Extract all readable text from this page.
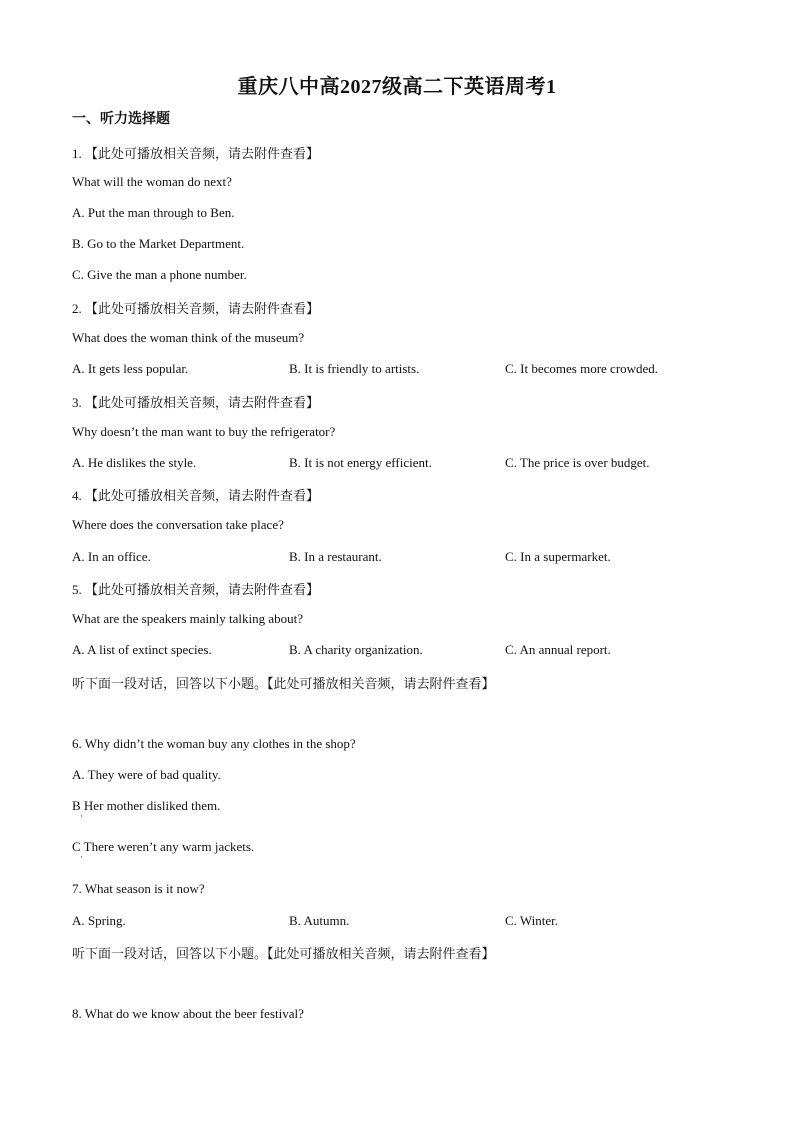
重庆八中高2027级高二下英语周考1
一、听力选择题
1. 【此处可播放相关音频，请去附件查看】
What will the woman do next?
A. Put the man through to Ben.
B. Go to the Market Department.
C. Give the man a phone number.
2. 【此处可播放相关音频，请去附件查看】
What does the woman think of the museum?
A. It gets less popular.	B. It is friendly to artists.	C. It becomes more crowded.
3. 【此处可播放相关音频，请去附件查看】
Why doesn’t the man want to buy the refrigerator?
A. He dislikes the style.	B. It is not energy efficient.	C. The price is over budget.
4. 【此处可播放相关音频，请去附件查看】
Where does the conversation take place?
A. In an office.	B. In a restaurant.	C. In a supermarket.
5. 【此处可播放相关音频，请去附件查看】
What are the speakers mainly talking about?
A. A list of extinct species.	B. A charity organization.	C. An annual report.
听下面一段对话，回答以下小题。【此处可播放相关音频，请去附件查看】
6. Why didn’t the woman buy any clothes in the shop?
A. They were of bad quality.
B Her mother disliked them.
·
C There weren’t any warm jackets.
·
7. What season is it now?
A. Spring.	B. Autumn.	C. Winter.
听下面一段对话，回答以下小题。【此处可播放相关音频，请去附件查看】
8. What do we know about the beer festival?
